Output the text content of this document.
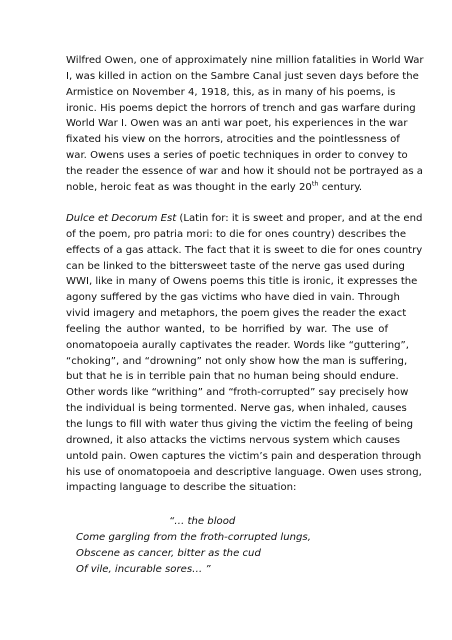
Wilfred Owen, one of approximately nine million fatalities in World War
I, was killed in action on the Sambre Canal just seven days before the
Armistice on November 4, 1918, this, as in many of his poems, is
ironic. His poems depict the horrors of trench and gas warfare during
World War I. Owen was an anti war poet, his experiences in the war
fixated his view on the horrors, atrocities and the pointlessness of
war. Owens uses a series of poetic techniques in order to convey to
the reader the essence of war and how it should not be portrayed as a
noble, heroic feat as was thought in the early 20th century.
Dulce et Decorum Est (Latin for: it is sweet and proper, and at the end
of the poem, pro patria mori: to die for ones country) describes the
effects of a gas attack. The fact that it is sweet to die for ones country
can be linked to the bittersweet taste of the nerve gas used during
WWI, like in many of Owens poems this title is ironic, it expresses the
agony suffered by the gas victims who have died in vain. Through
vivid imagery and metaphors, the poem gives the reader the exact
feeling the author wanted, to be horrified by war. The use of
onomatopoeia aurally captivates the reader. Words like “guttering”,
“choking”, and “drowning” not only show how the man is suffering,
but that he is in terrible pain that no human being should endure.
Other words like “writhing” and “froth-corrupted” say precisely how
the individual is being tormented. Nerve gas, when inhaled, causes
the lungs to fill with water thus giving the victim the feeling of being
drowned, it also attacks the victims nervous system which causes
untold pain. Owen captures the victim’s pain and desperation through
his use of onomatopoeia and descriptive language. Owen uses strong,
impacting language to describe the situation:
“… the blood
Come gargling from the froth-corrupted lungs,
Obscene as cancer, bitter as the cud
Of vile, incurable sores… ”
